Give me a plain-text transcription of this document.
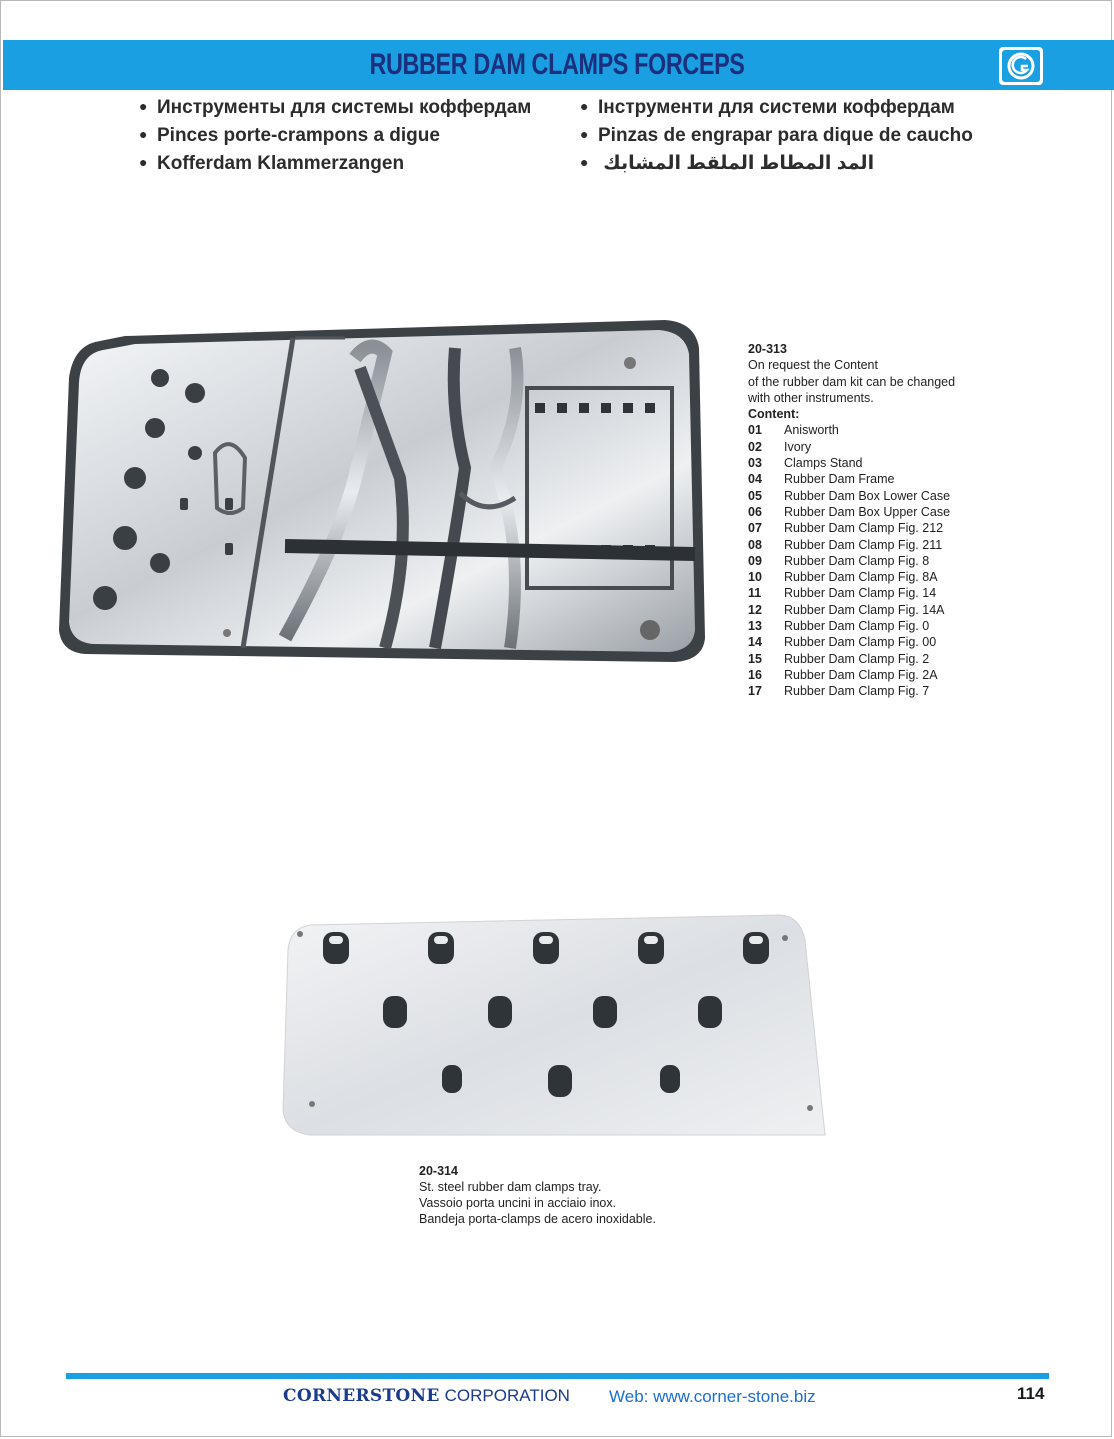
RUBBER DAM CLAMPS FORCEPS
● Инструменты для системы коффердам
● Pinces porte-crampons a digue
● Kofferdam Klammerzangen
● Інструменти для системи коффердам
● Pinzas de engrapar para dique de caucho
● المد المطاط الملقط المشابك
20-313
On request the Content
of the rubber dam kit can be changed
with other instruments.
Content:
01 Anisworth
02 Ivory
03 Clamps Stand
04 Rubber Dam Frame
05 Rubber Dam Box Lower Case
06 Rubber Dam Box Upper Case
07 Rubber Dam Clamp Fig. 212
08 Rubber Dam Clamp Fig. 211
09 Rubber Dam Clamp Fig. 8
10 Rubber Dam Clamp Fig. 8A
11 Rubber Dam Clamp Fig. 14
12 Rubber Dam Clamp Fig. 14A
13 Rubber Dam Clamp Fig. 0
14 Rubber Dam Clamp Fig. 00
15 Rubber Dam Clamp Fig. 2
16 Rubber Dam Clamp Fig. 2A
17 Rubber Dam Clamp Fig. 7
20-314
St. steel rubber dam clamps tray.
Vassoio porta uncini in acciaio inox.
Bandeja porta-clamps de acero inoxidable.
CORNERSTONE CORPORATION Web: www.corner-stone.biz	114
